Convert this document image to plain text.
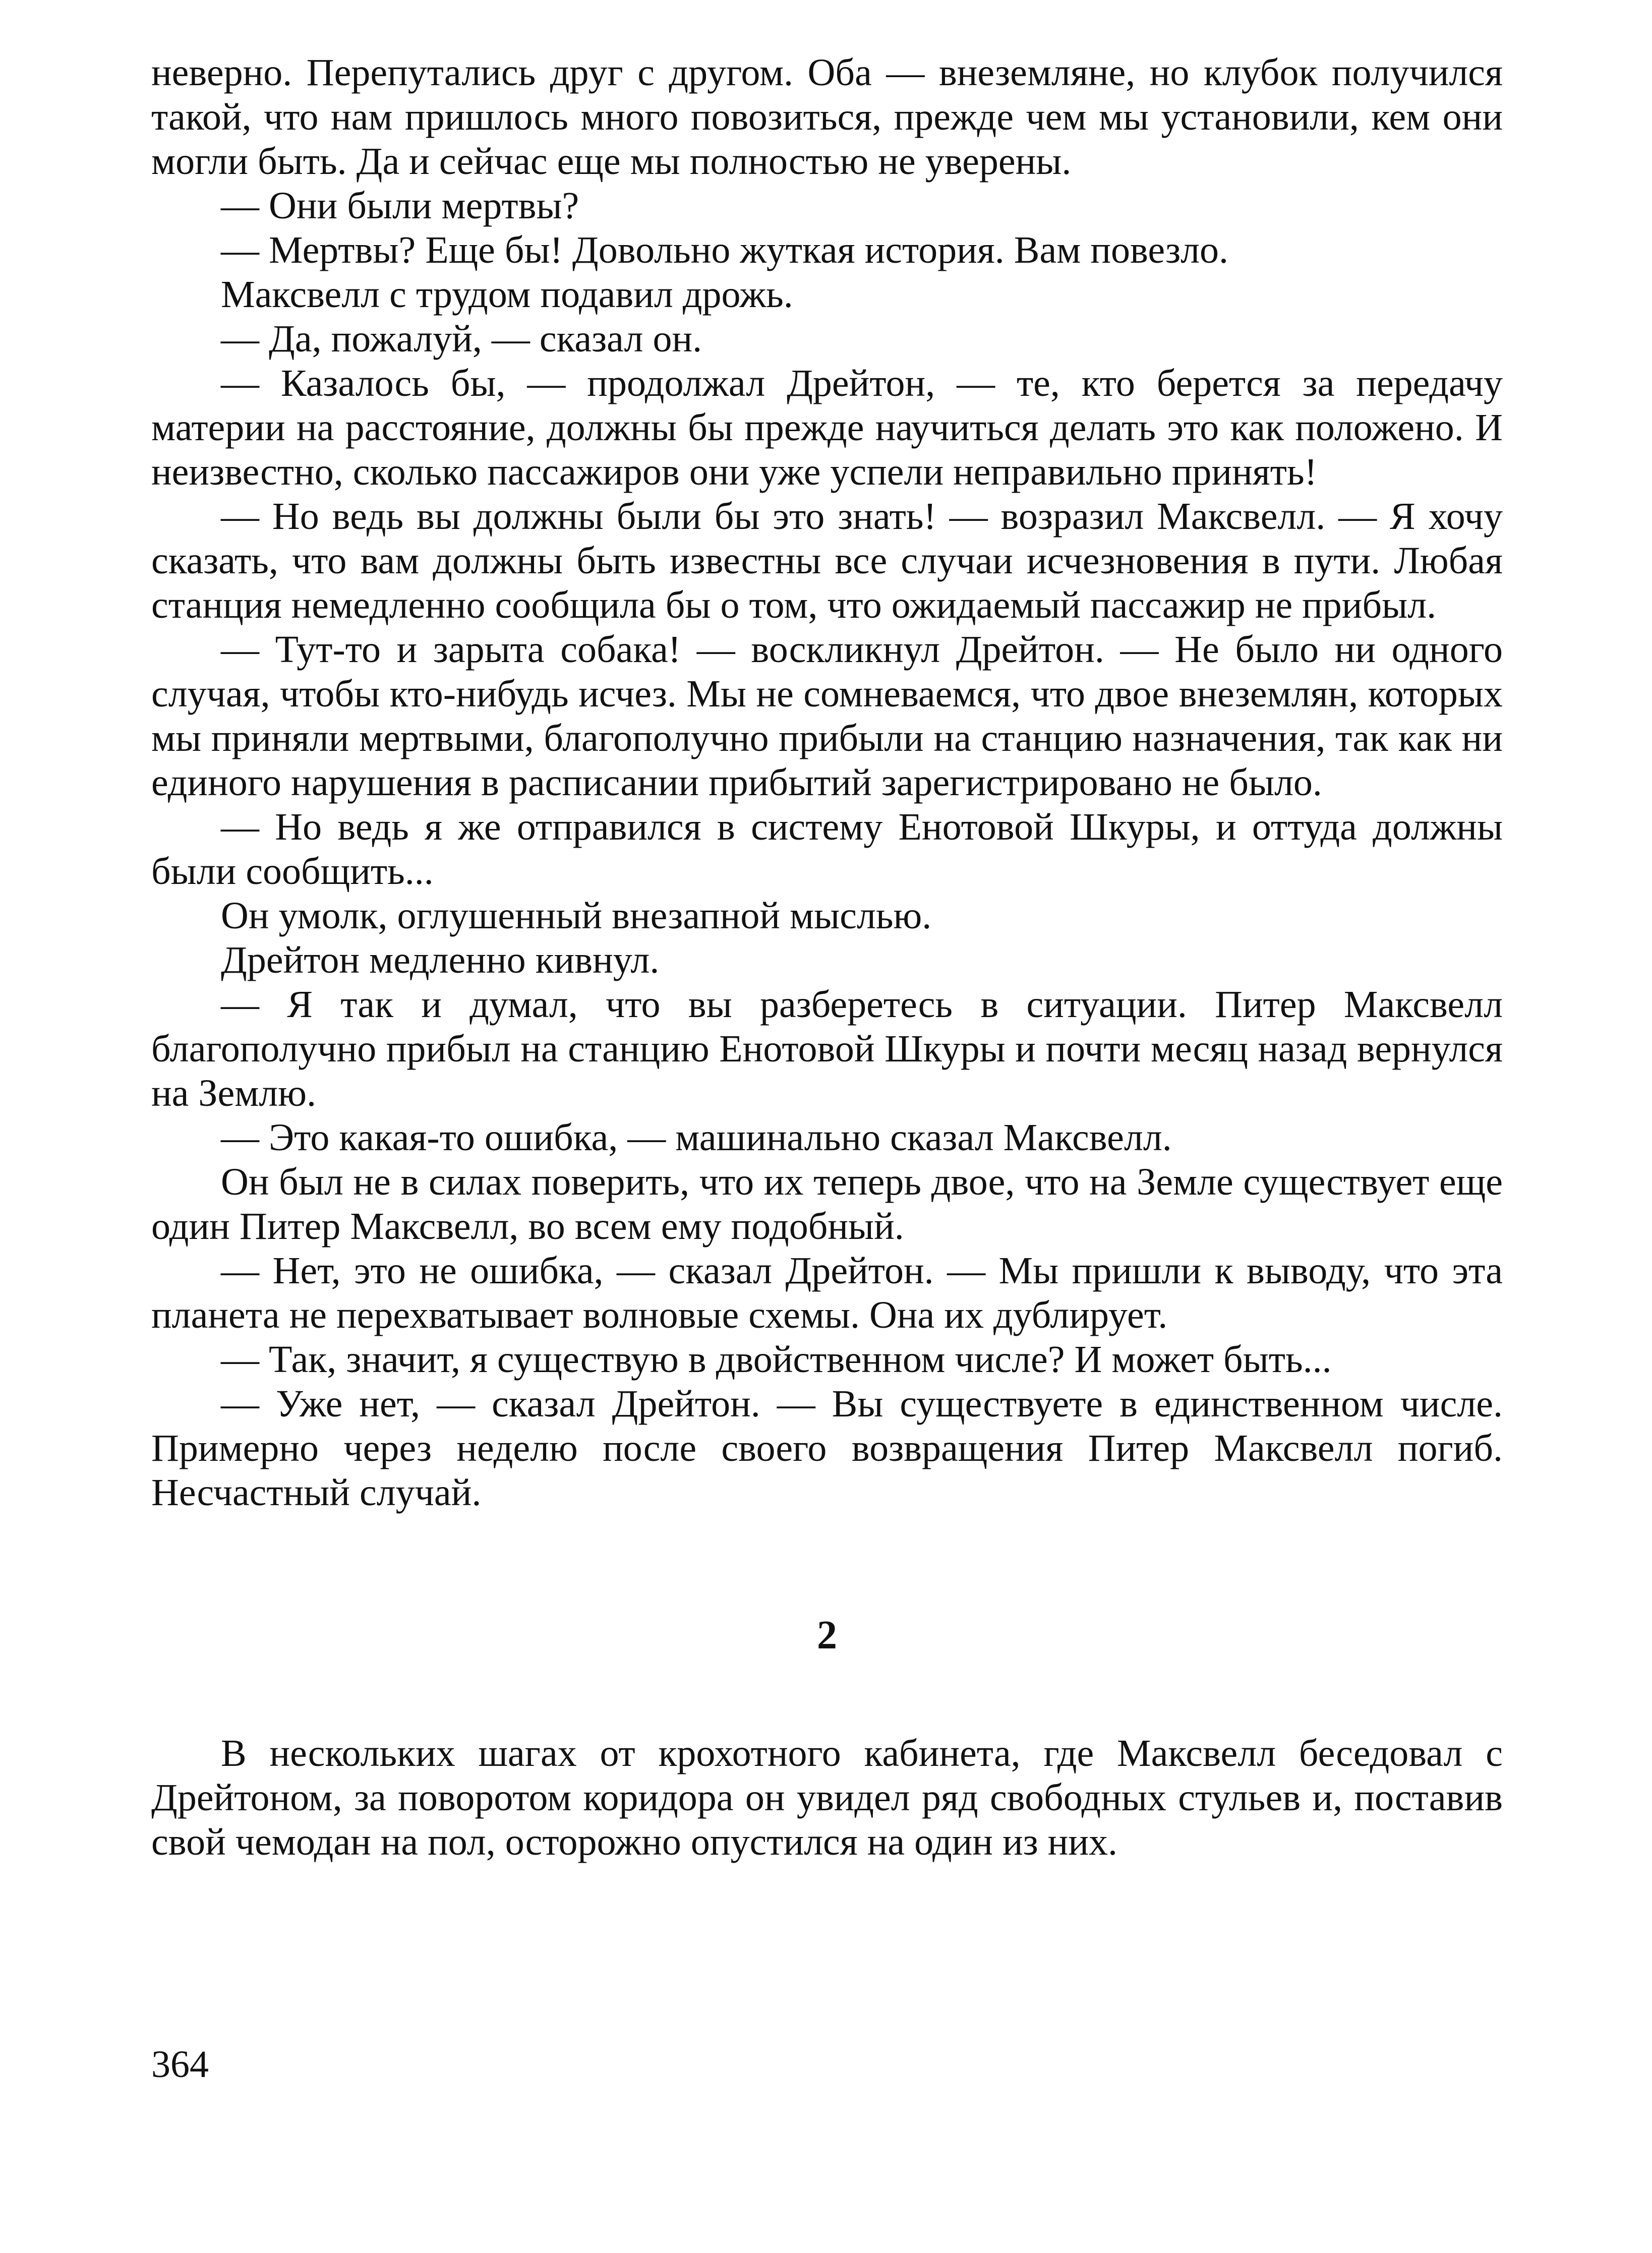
неверно. Перепутались друг с другом. Оба — внеземляне, но клубок получился такой, что нам пришлось много повозиться, прежде чем мы установили, кем они могли быть. Да и сейчас еще мы полностью не уверены.

— Они были мертвы?

— Мертвы? Еще бы! Довольно жуткая история. Вам повезло.

Максвелл с трудом подавил дрожь.

— Да, пожалуй, — сказал он.

— Казалось бы, — продолжал Дрейтон, — те, кто берется за передачу материи на расстояние, должны бы прежде научиться делать это как положено. И неизвестно, сколько пассажиров они уже успели неправильно принять!

— Но ведь вы должны были бы это знать! — возразил Максвелл. — Я хочу сказать, что вам должны быть известны все случаи исчезновения в пути. Любая станция немедленно сообщила бы о том, что ожидаемый пассажир не прибыл.

— Тут-то и зарыта собака! — воскликнул Дрейтон. — Не было ни одного случая, чтобы кто-нибудь исчез. Мы не сомневаемся, что двое внеземлян, которых мы приняли мертвыми, благополучно прибыли на станцию назначения, так как ни единого нарушения в расписании прибытий зарегистрировано не было.

— Но ведь я же отправился в систему Енотовой Шкуры, и оттуда должны были сообщить...

Он умолк, оглушенный внезапной мыслью.

Дрейтон медленно кивнул.

— Я так и думал, что вы разберетесь в ситуации. Питер Максвелл благополучно прибыл на станцию Енотовой Шкуры и почти месяц назад вернулся на Землю.

— Это какая-то ошибка, — машинально сказал Максвелл.

Он был не в силах поверить, что их теперь двое, что на Земле существует еще один Питер Максвелл, во всем ему подобный.

— Нет, это не ошибка, — сказал Дрейтон. — Мы пришли к выводу, что эта планета не перехватывает волновые схемы. Она их дублирует.

— Так, значит, я существую в двойственном числе? И может быть...

— Уже нет, — сказал Дрейтон. — Вы существуете в единственном числе. Примерно через неделю после своего возвращения Питер Максвелл погиб. Несчастный случай.

2

В нескольких шагах от крохотного кабинета, где Максвелл беседовал с Дрейтоном, за поворотом коридора он увидел ряд свободных стульев и, поставив свой чемодан на пол, осторожно опустился на один из них.

364
